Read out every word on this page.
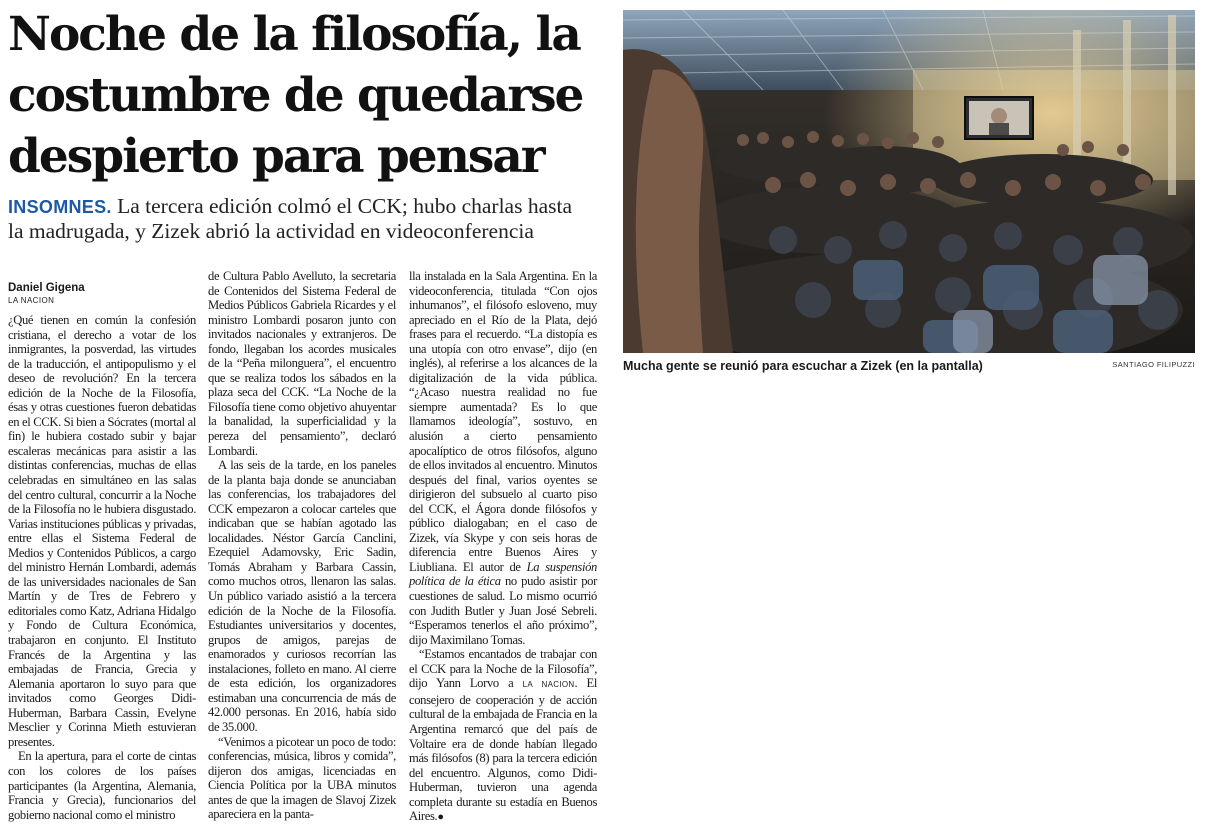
Noche de la filosofía, la
costumbre de quedarse
despierto para pensar
INSOMNES. La tercera edición colmó el CCK; hubo charlas hasta
la madrugada, y Zizek abrió la actividad en videoconferencia
Daniel Gigena
LA NACION

¿Qué tienen en común la confesión cristiana, el derecho a votar de los inmigrantes, la posverdad, las virtudes de la traducción, el antipopulismo y el deseo de revolución? En la tercera edición de la Noche de la Filosofía, ésas y otras cuestiones fueron debatidas en el CCK. Si bien a Sócrates (mortal al fin) le hubiera costado subir y bajar escaleras mecánicas para asistir a las distintas conferencias, muchas de ellas celebradas en simultáneo en las salas del centro cultural, concurrir a la Noche de la Filosofía no le hubiera disgustado. Varias instituciones públicas y privadas, entre ellas el Sistema Federal de Medios y Contenidos Públicos, a cargo del ministro Hernán Lombardi, además de las universidades nacionales de San Martín y de Tres de Febrero y editoriales como Katz, Adriana Hidalgo y Fondo de Cultura Económica, trabajaron en conjunto. El Instituto Francés de la Argentina y las embajadas de Francia, Grecia y Alemania aportaron lo suyo para que invitados como Georges Didi-Huberman, Barbara Cassin, Evelyne Mesclier y Corinna Mieth estuvieran presentes.

En la apertura, para el corte de cintas con los colores de los países participantes (la Argentina, Alemania, Francia y Grecia), funcionarios del gobierno nacional como el ministro

de Cultura Pablo Avelluto, la secretaria de Contenidos del Sistema Federal de Medios Públicos Gabriela Ricardes y el ministro Lombardi posaron junto con invitados nacionales y extranjeros. De fondo, llegaban los acordes musicales de la “Peña milonguera”, el encuentro que se realiza todos los sábados en la plaza seca del CCK. “La Noche de la Filosofía tiene como objetivo ahuyentar la banalidad, la superficialidad y la pereza del pensamiento”, declaró Lombardi.

A las seis de la tarde, en los paneles de la planta baja donde se anunciaban las conferencias, los trabajadores del CCK empezaron a colocar carteles que indicaban que se habían agotado las localidades. Néstor García Canclini, Ezequiel Adamovsky, Eric Sadin, Tomás Abraham y Barbara Cassin, como muchos otros, llenaron las salas. Un público variado asistió a la tercera edición de la Noche de la Filosofía. Estudiantes universitarios y docentes, grupos de amigos, parejas de enamorados y curiosos recorrían las instalaciones, folleto en mano. Al cierre de esta edición, los organizadores estimaban una concurrencia de más de 42.000 personas. En 2016, había sido de 35.000.

“Venimos a picotear un poco de todo: conferencias, música, libros y comida”, dijeron dos amigas, licenciadas en Ciencia Política por la UBA minutos antes de que la imagen de Slavoj Zizek apareciera en la panta-

lla instalada en la Sala Argentina. En la videoconferencia, titulada “Con ojos inhumanos”, el filósofo esloveno, muy apreciado en el Río de la Plata, dejó frases para el recuerdo. “La distopía es una utopía con otro envase”, dijo (en inglés), al referirse a los alcances de la digitalización de la vida pública. “¿Acaso nuestra realidad no fue siempre aumentada? Es lo que llamamos ideología”, sostuvo, en alusión a cierto pensamiento apocalíptico de otros filósofos, alguno de ellos invitados al encuentro. Minutos después del final, varios oyentes se dirigieron del subsuelo al cuarto piso del CCK, el Ágora donde filósofos y público dialogaban; en el caso de Zizek, vía Skype y con seis horas de diferencia entre Buenos Aires y Liubliana. El autor de La suspensión política de la ética no pudo asistir por cuestiones de salud. Lo mismo ocurrió con Judith Butler y Juan José Sebreli. “Esperamos tenerlos el año próximo”, dijo Maximilano Tomas.

“Estamos encantados de trabajar con el CCK para la Noche de la Filosofía”, dijo Yann Lorvo a LA NACION. El consejero de cooperación y de acción cultural de la embajada de Francia en la Argentina remarcó que del país de Voltaire era de donde habían llegado más filósofos (8) para la tercera edición del encuentro. Algunos, como Didi-Huberman, tuvieron una agenda completa durante su estadía en Buenos Aires.●

Mucha gente se reunió para escuchar a Zizek (en la pantalla)	SANTIAGO FILIPUZZI
